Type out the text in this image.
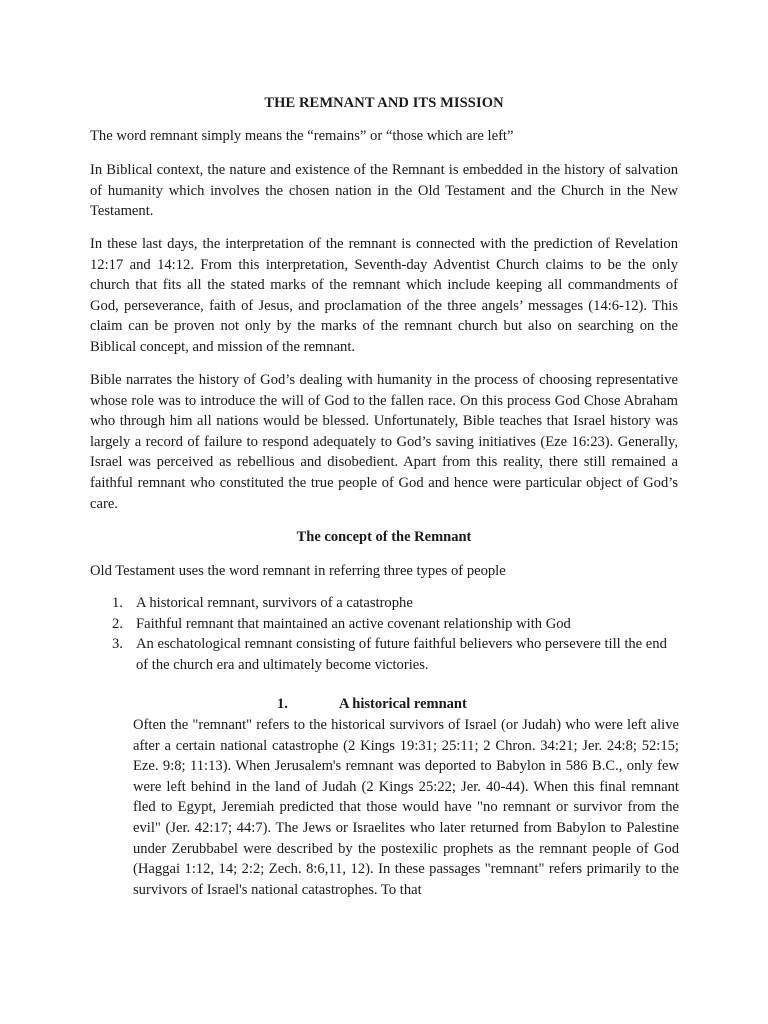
THE REMNANT AND ITS MISSION

The word remnant simply means the “remains” or “those which are left”

In Biblical context, the nature and existence of the Remnant is embedded in the history of salvation of humanity which involves the chosen nation in the Old Testament and the Church in the New Testament.

In these last days, the interpretation of the remnant is connected with the prediction of Revelation 12:17 and 14:12. From this interpretation, Seventh-day Adventist Church claims to be the only church that fits all the stated marks of the remnant which include keeping all commandments of God, perseverance, faith of Jesus, and proclamation of the three angels’ messages (14:6-12). This claim can be proven not only by the marks of the remnant church but also on searching on the Biblical concept, and mission of the remnant.

Bible narrates the history of God’s dealing with humanity in the process of choosing representative whose role was to introduce the will of God to the fallen race. On this process God Chose Abraham who through him all nations would be blessed. Unfortunately, Bible teaches that Israel history was largely a record of failure to respond adequately to God’s saving initiatives (Eze 16:23). Generally, Israel was perceived as rebellious and disobedient. Apart from this reality, there still remained a faithful remnant who constituted the true people of God and hence were particular object of God’s care.

The concept of the Remnant

Old Testament uses the word remnant in referring three types of people

1. A historical remnant, survivors of a catastrophe
2. Faithful remnant that maintained an active covenant relationship with God
3. An eschatological remnant consisting of future faithful believers who persevere till the end of the church era and ultimately become victories.
1.	A historical remnant

Often the "remnant" refers to the historical survivors of Israel (or Judah) who were left alive after a certain national catastrophe (2 Kings 19:31; 25:11; 2 Chron. 34:21; Jer. 24:8; 52:15; Eze. 9:8; 11:13). When Jerusalem's remnant was deported to Babylon in 586 B.C., only few were left behind in the land of Judah (2 Kings 25:22; Jer. 40-44). When this final remnant fled to Egypt, Jeremiah predicted that those would have "no remnant or survivor from the evil" (Jer. 42:17; 44:7). The Jews or Israelites who later returned from Babylon to Palestine under Zerubbabel were described by the postexilic prophets as the remnant people of God (Haggai 1:12, 14; 2:2; Zech. 8:6,11, 12). In these passages "remnant" refers primarily to the survivors of Israel's national catastrophes. To that
